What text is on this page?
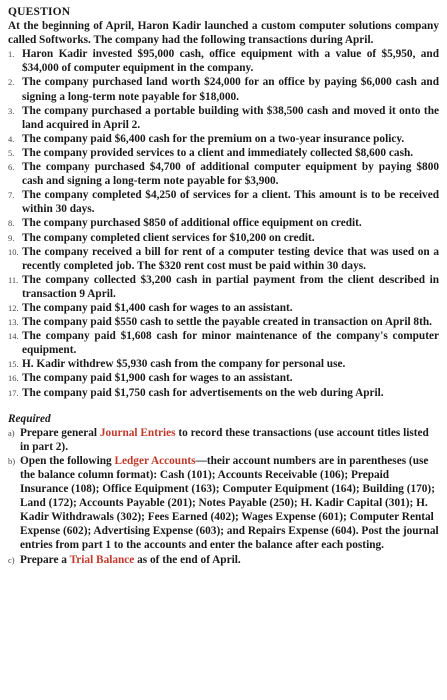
QUESTION

At the beginning of April, Haron Kadir launched a custom computer solutions company called Softworks. The company had the following transactions during April.

1. Haron Kadir invested $95,000 cash, office equipment with a value of $5,950, and $34,000 of computer equipment in the company.
2. The company purchased land worth $24,000 for an office by paying $6,000 cash and signing a long-term note payable for $18,000.
3. The company purchased a portable building with $38,500 cash and moved it onto the land acquired in April 2.
4. The company paid $6,400 cash for the premium on a two-year insurance policy.
5. The company provided services to a client and immediately collected $8,600 cash.
6. The company purchased $4,700 of additional computer equipment by paying $800 cash and signing a long-term note payable for $3,900.
7. The company completed $4,250 of services for a client. This amount is to be received within 30 days.
8. The company purchased $850 of additional office equipment on credit.
9. The company completed client services for $10,200 on credit.
10. The company received a bill for rent of a computer testing device that was used on a recently completed job. The $320 rent cost must be paid within 30 days.
11. The company collected $3,200 cash in partial payment from the client described in transaction 9 April.
12. The company paid $1,400 cash for wages to an assistant.
13. The company paid $550 cash to settle the payable created in transaction on April 8th.
14. The company paid $1,608 cash for minor maintenance of the company's computer equipment.
15. H. Kadir withdrew $5,930 cash from the company for personal use.
16. The company paid $1,900 cash for wages to an assistant.
17. The company paid $1,750 cash for advertisements on the web during April.

Required

a) Prepare general Journal Entries to record these transactions (use account titles listed in part 2).
b) Open the following Ledger Accounts—their account numbers are in parentheses (use the balance column format): Cash (101); Accounts Receivable (106); Prepaid Insurance (108); Office Equipment (163); Computer Equipment (164); Building (170); Land (172); Accounts Payable (201); Notes Payable (250); H. Kadir Capital (301); H. Kadir Withdrawals (302); Fees Earned (402); Wages Expense (601); Computer Rental Expense (602); Advertising Expense (603); and Repairs Expense (604). Post the journal entries from part 1 to the accounts and enter the balance after each posting.
c) Prepare a Trial Balance as of the end of April.
